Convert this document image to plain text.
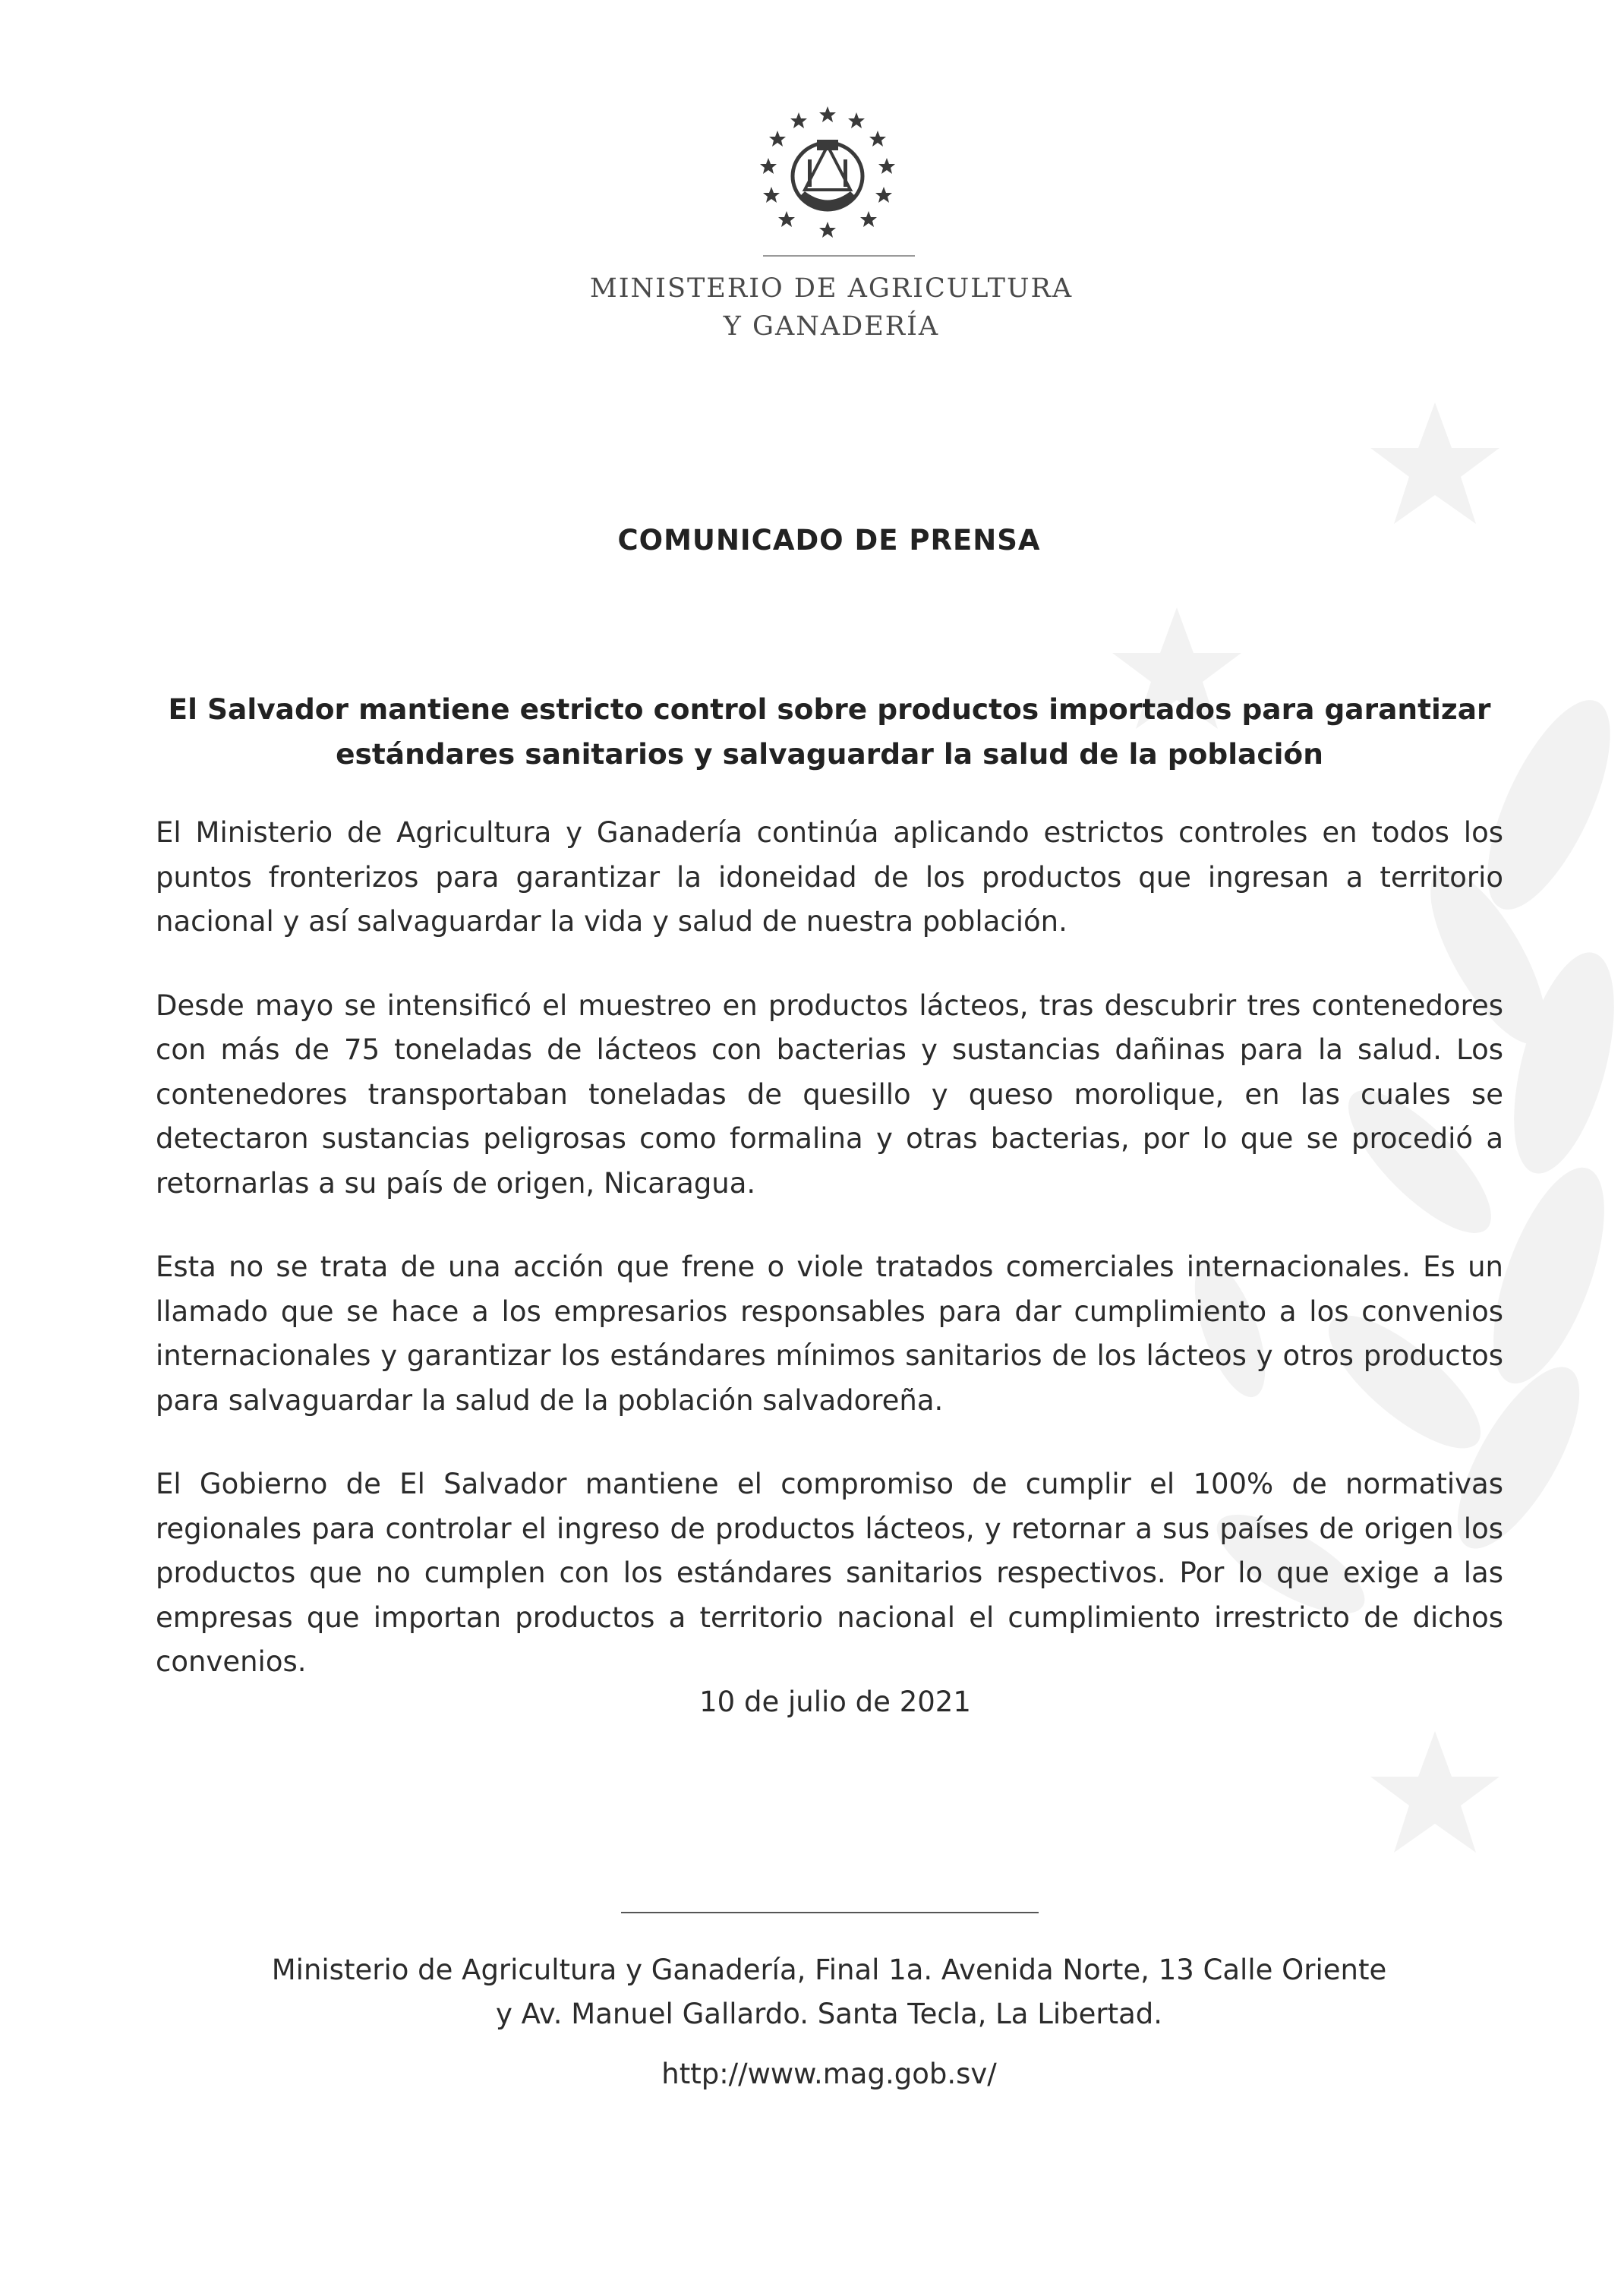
MINISTERIO DE AGRICULTURA
Y GANADERÍA
COMUNICADO DE PRENSA
El Salvador mantiene estricto control sobre productos importados para garantizar
estándares sanitarios y salvaguardar la salud de la población

El Ministerio de Agricultura y Ganadería continúa aplicando estrictos controles en todos los puntos fronterizos para garantizar la idoneidad de los productos que ingresan a territorio nacional y así salvaguardar la vida y salud de nuestra población.

Desde mayo se intensificó el muestreo en productos lácteos, tras descubrir tres contenedores con más de 75 toneladas de lácteos con bacterias y sustancias dañinas para la salud. Los contenedores transportaban toneladas de quesillo y queso morolique, en las cuales se detectaron sustancias peligrosas como formalina y otras bacterias, por lo que se procedió a retornarlas a su país de origen, Nicaragua.

Esta no se trata de una acción que frene o viole tratados comerciales internacionales. Es un llamado que se hace a los empresarios responsables para dar cumplimiento a los convenios internacionales y garantizar los estándares mínimos sanitarios de los lácteos y otros productos para salvaguardar la salud de la población salvadoreña.

El Gobierno de El Salvador mantiene el compromiso de cumplir el 100% de normativas regionales para controlar el ingreso de productos lácteos, y retornar a sus países de origen los productos que no cumplen con los estándares sanitarios respectivos. Por lo que exige a las empresas que importan productos a territorio nacional el cumplimiento irrestricto de dichos convenios.

10 de julio de 2021
Ministerio de Agricultura y Ganadería, Final 1a. Avenida Norte, 13 Calle Oriente
y Av. Manuel Gallardo. Santa Tecla, La Libertad.
http://www.mag.gob.sv/
